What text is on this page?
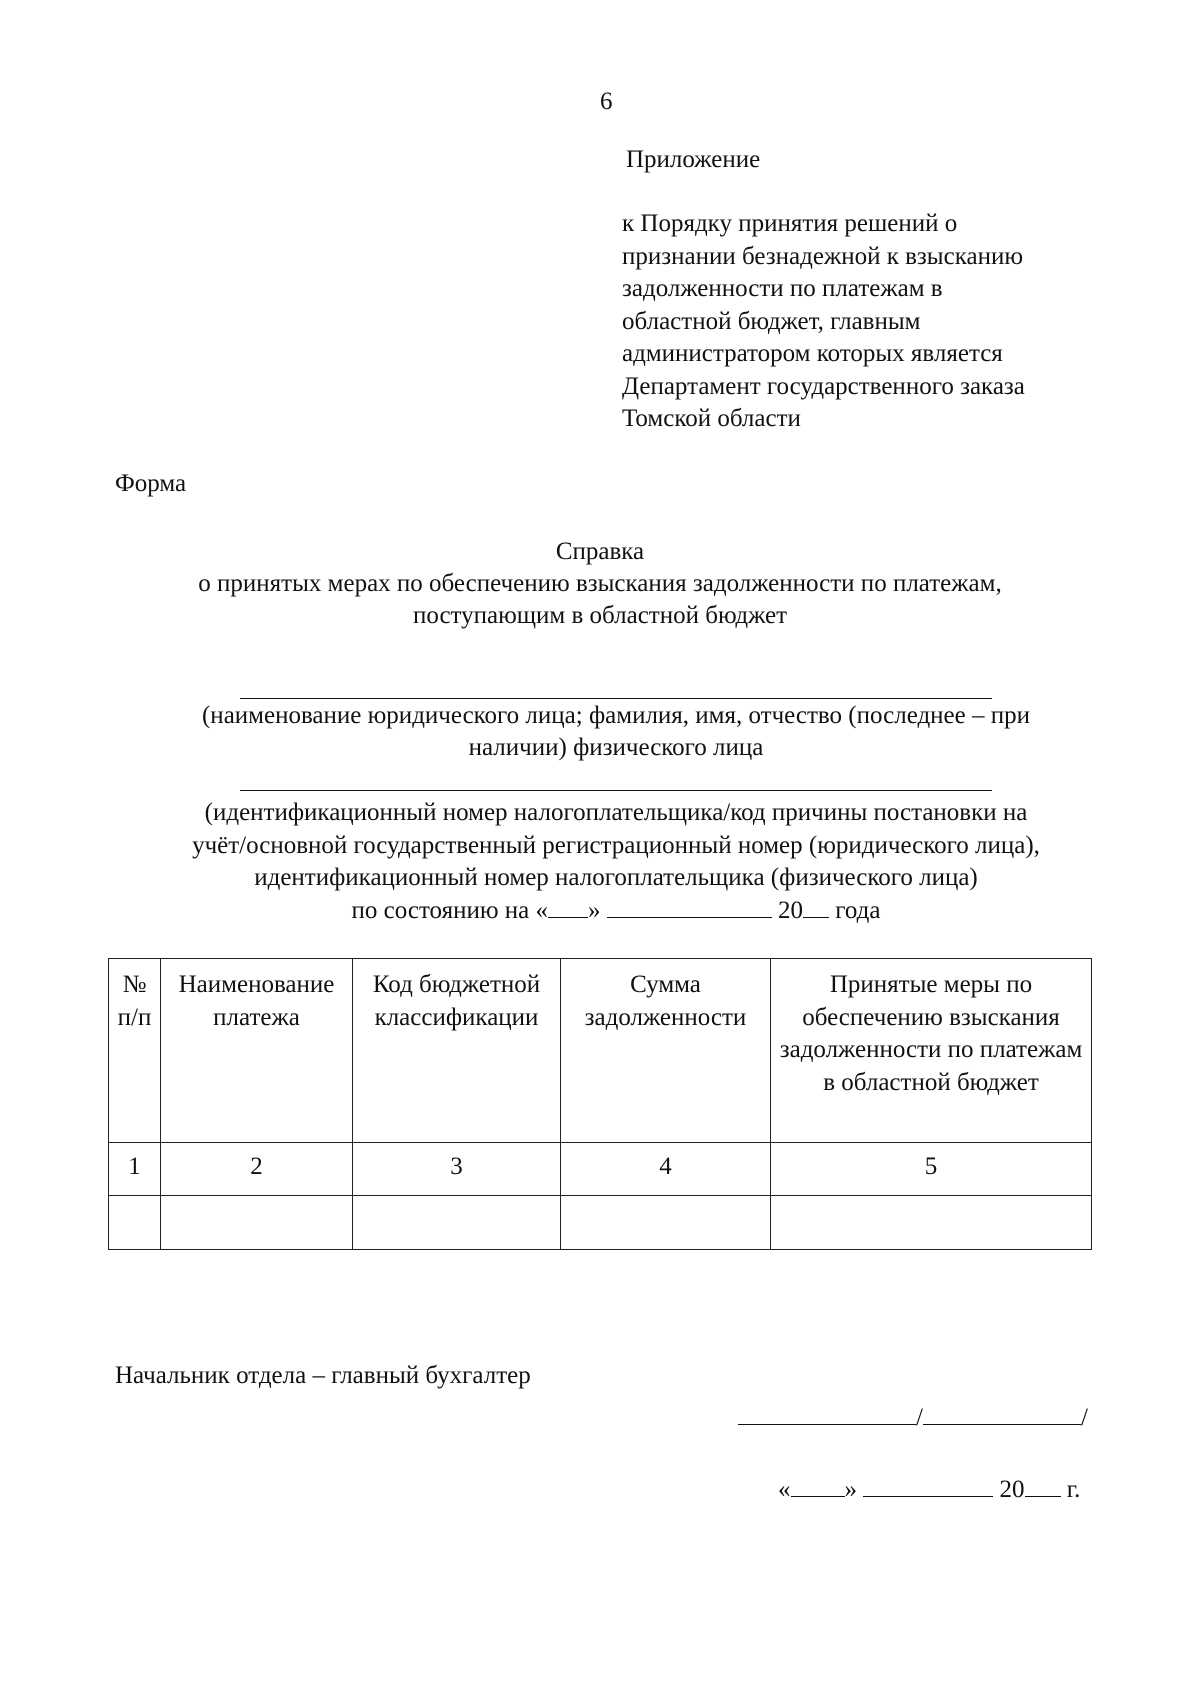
6
Приложение
к Порядку принятия решений о
признании безнадежной к взысканию
задолженности по платежам в
областной бюджет, главным
администратором которых является
Департамент государственного заказа
Томской области
Форма
Справка
о принятых мерах по обеспечению взыскания задолженности по платежам,
поступающим в областной бюджет
(наименование юридического лица; фамилия, имя, отчество (последнее – при
наличии) физического лица
(идентификационный номер налогоплательщика/код причины постановки на
учёт/основной государственный регистрационный номер (юридического лица),
идентификационный номер налогоплательщика (физического лица)
по состоянию на « »	20 года
№ п/п	Наименование платежа	Код бюджетной классификации	Сумма задолженности	Принятые меры по обеспечению взыскания задолженности по платежам в областной бюджет
1	2	3	4	5

Начальник отдела – главный бухгалтер
/	/
« »	20 г.
